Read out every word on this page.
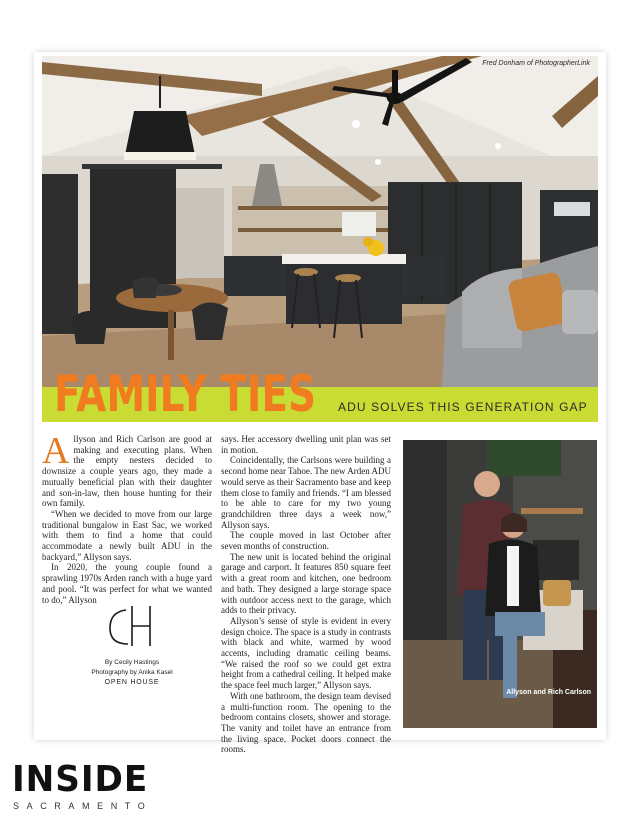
Fred Donham of PhotographerLink
FAMILY TIES ADU SOLVES THIS GENERATION GAP

Allyson and Rich Carlson are good at making and executing plans. When the empty nesters decided to downsize a couple years ago, they made a mutually beneficial plan with their daughter and son-in-law, then house hunting for their own family.

“When we decided to move from our large traditional bungalow in East Sac, we worked with them to find a home that could accommodate a newly built ADU in the backyard,” Allyson says.

In 2020, the young couple found a sprawling 1970s Arden ranch with a huge yard and pool. “It was perfect for what we wanted to do,” Allyson

says. Her accessory dwelling unit plan was set in motion.

Coincidentally, the Carlsons were building a second home near Tahoe. The new Arden ADU would serve as their Sacramento base and keep them close to family and friends. “I am blessed to be able to care for my two young grandchildren three days a week now,” Allyson says.

The couple moved in last October after seven months of construction.

The new unit is located behind the original garage and carport. It features 850 square feet with a great room and kitchen, one bedroom and bath. They designed a large storage space with outdoor access next to the garage, which adds to their privacy.

Allyson’s sense of style is evident in every design choice. The space is a study in contrasts with black and white, warmed by wood accents, including dramatic ceiling beams. “We raised the roof so we could get extra height from a cathedral ceiling. It helped make the space feel much larger,” Allyson says.

With one bathroom, the design team devised a multi-function room. The opening to the bedroom contains closets, shower and storage. The vanity and toilet have an entrance from the living space. Pocket doors connect the rooms.

By Cecily Hastings
Photography by Anika Kasel
OPEN HOUSE
Allyson and Rich Carlson
INSIDE
SACRAMENTO
